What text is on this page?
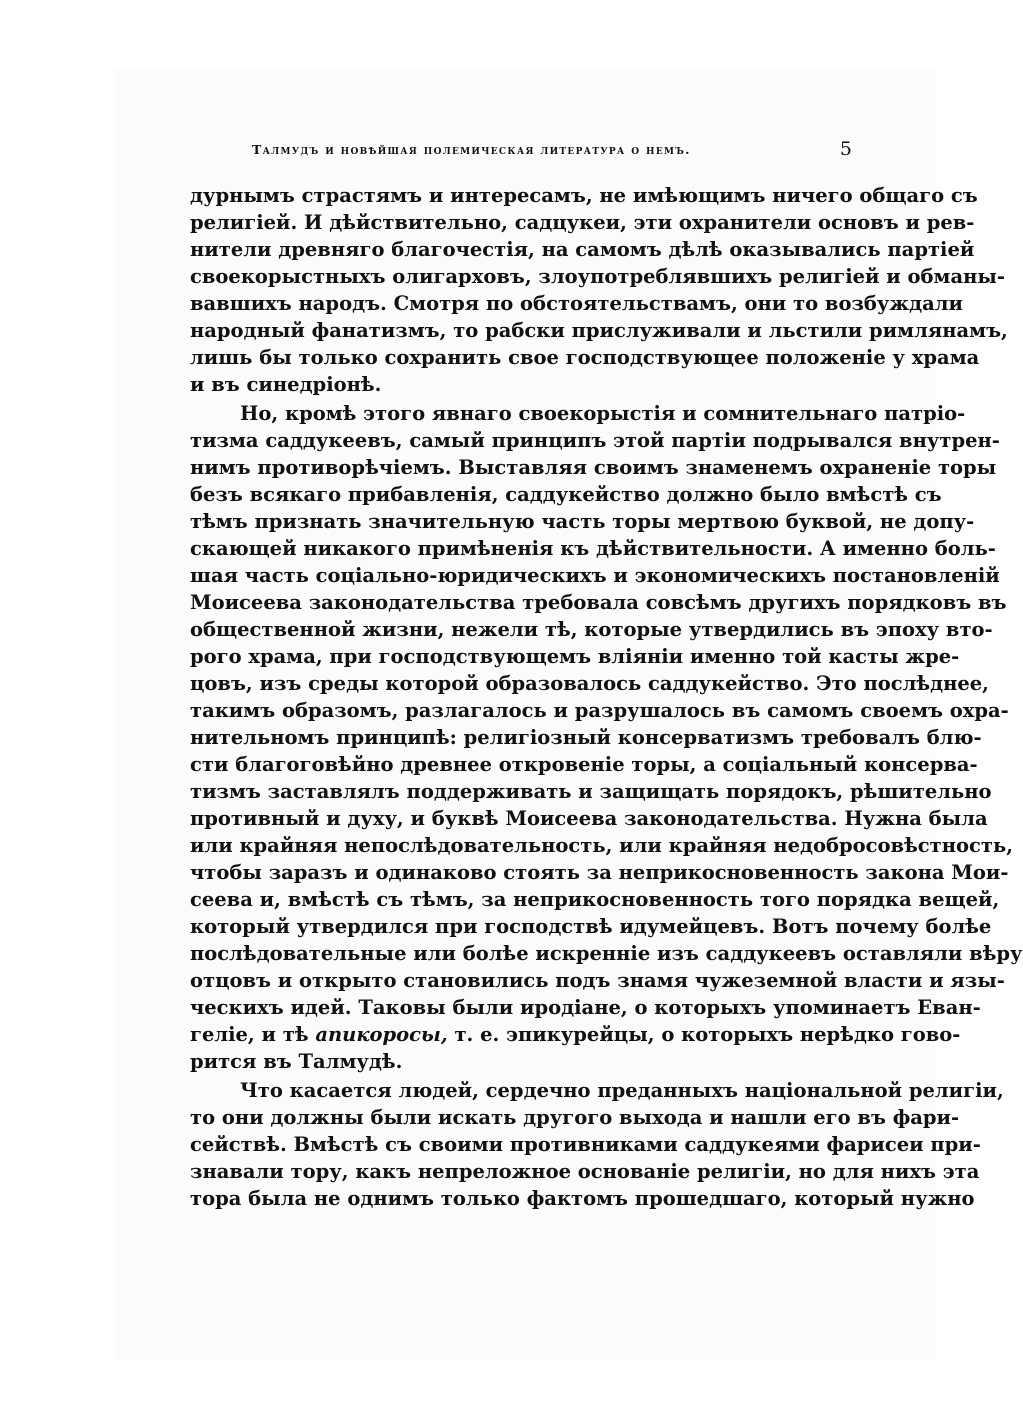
Талмудъ и новѣйшая полемическая литература о немъ.	5
дурнымъ страстямъ и интересамъ, не имѣющимъ ничего общаго съ
религiей. И дѣйствительно, садцукеи, эти охранители основъ и рев-
нители древняго благочестія, на самомъ дѣлѣ оказывались партіей
своекорыстныхъ олигарховъ, злоупотреблявшихъ религіей и обманы-
вавшихъ народъ. Смотря по обстоятельствамъ, они то возбуждали
народный фанатизмъ, то рабски прислуживали и льстили римлянамъ,
лишь бы только сохранить свое господствующее положеніе у храма
и въ синедріонѣ.
Но, кромѣ этого явнаго своекорыстія и сомнительнаго патріо-
тизма саддукеевъ, самый принципъ этой партіи подрывался внутрен-
нимъ противорѣчіемъ. Выставляя своимъ знаменемъ охраненіе торы
безъ всякаго прибавленія, саддукейство должно было вмѣстѣ съ
тѣмъ признать значительную часть торы мертвою буквой, не допу-
скающей никакого примѣненія къ дѣйствительности. А именно боль-
шая часть соціально-юридическихъ и экономическихъ постановленій
Моисеева законодательства требовала совсѣмъ другихъ порядковъ въ
общественной жизни, нежели тѣ, которые утвердились въ эпоху вто-
рого храма, при господствующемъ вліяніи именно той касты жре-
цовъ, изъ среды которой образовалось саддукейство. Это послѣднее,
такимъ образомъ, разлагалось и разрушалось въ самомъ своемъ охра-
нительномъ принципѣ: религіозный консерватизмъ требовалъ блю-
сти благоговѣйно древнее откровеніе торы, а соціальный консерва-
тизмъ заставлялъ поддерживать и защищать порядокъ, рѣшительно
противный и духу, и буквѣ Моисеева законодательства. Нужна была
или крайняя непослѣдовательность, или крайняя недобросовѣстность,
чтобы заразъ и одинаково стоять за неприкосновенность закона Мои-
сеева и, вмѣстѣ съ тѣмъ, за неприкосновенность того порядка вещей,
который утвердился при господствѣ идумейцевъ. Вотъ почему болѣе
послѣдовательные или болѣе искренніе изъ саддукеевъ оставляли вѣру
отцовъ и открыто становились подъ знамя чужеземной власти и язы-
ческихъ идей. Таковы были иродіане, о которыхъ упоминаетъ Еван-
геліе, и тѣ апикоросы, т. е. эпикурейцы, о которыхъ нерѣдко гово-
рится въ Талмудѣ.
Что касается людей, сердечно преданныхъ національной религіи,
то они должны были искать другого выхода и нашли его въ фари-
сействѣ. Вмѣстѣ съ своими противниками саддукеями фарисеи при-
знавали тору, какъ непреложное основаніе религіи, но для нихъ эта
тора была не однимъ только фактомъ прошедшаго, который нужно
